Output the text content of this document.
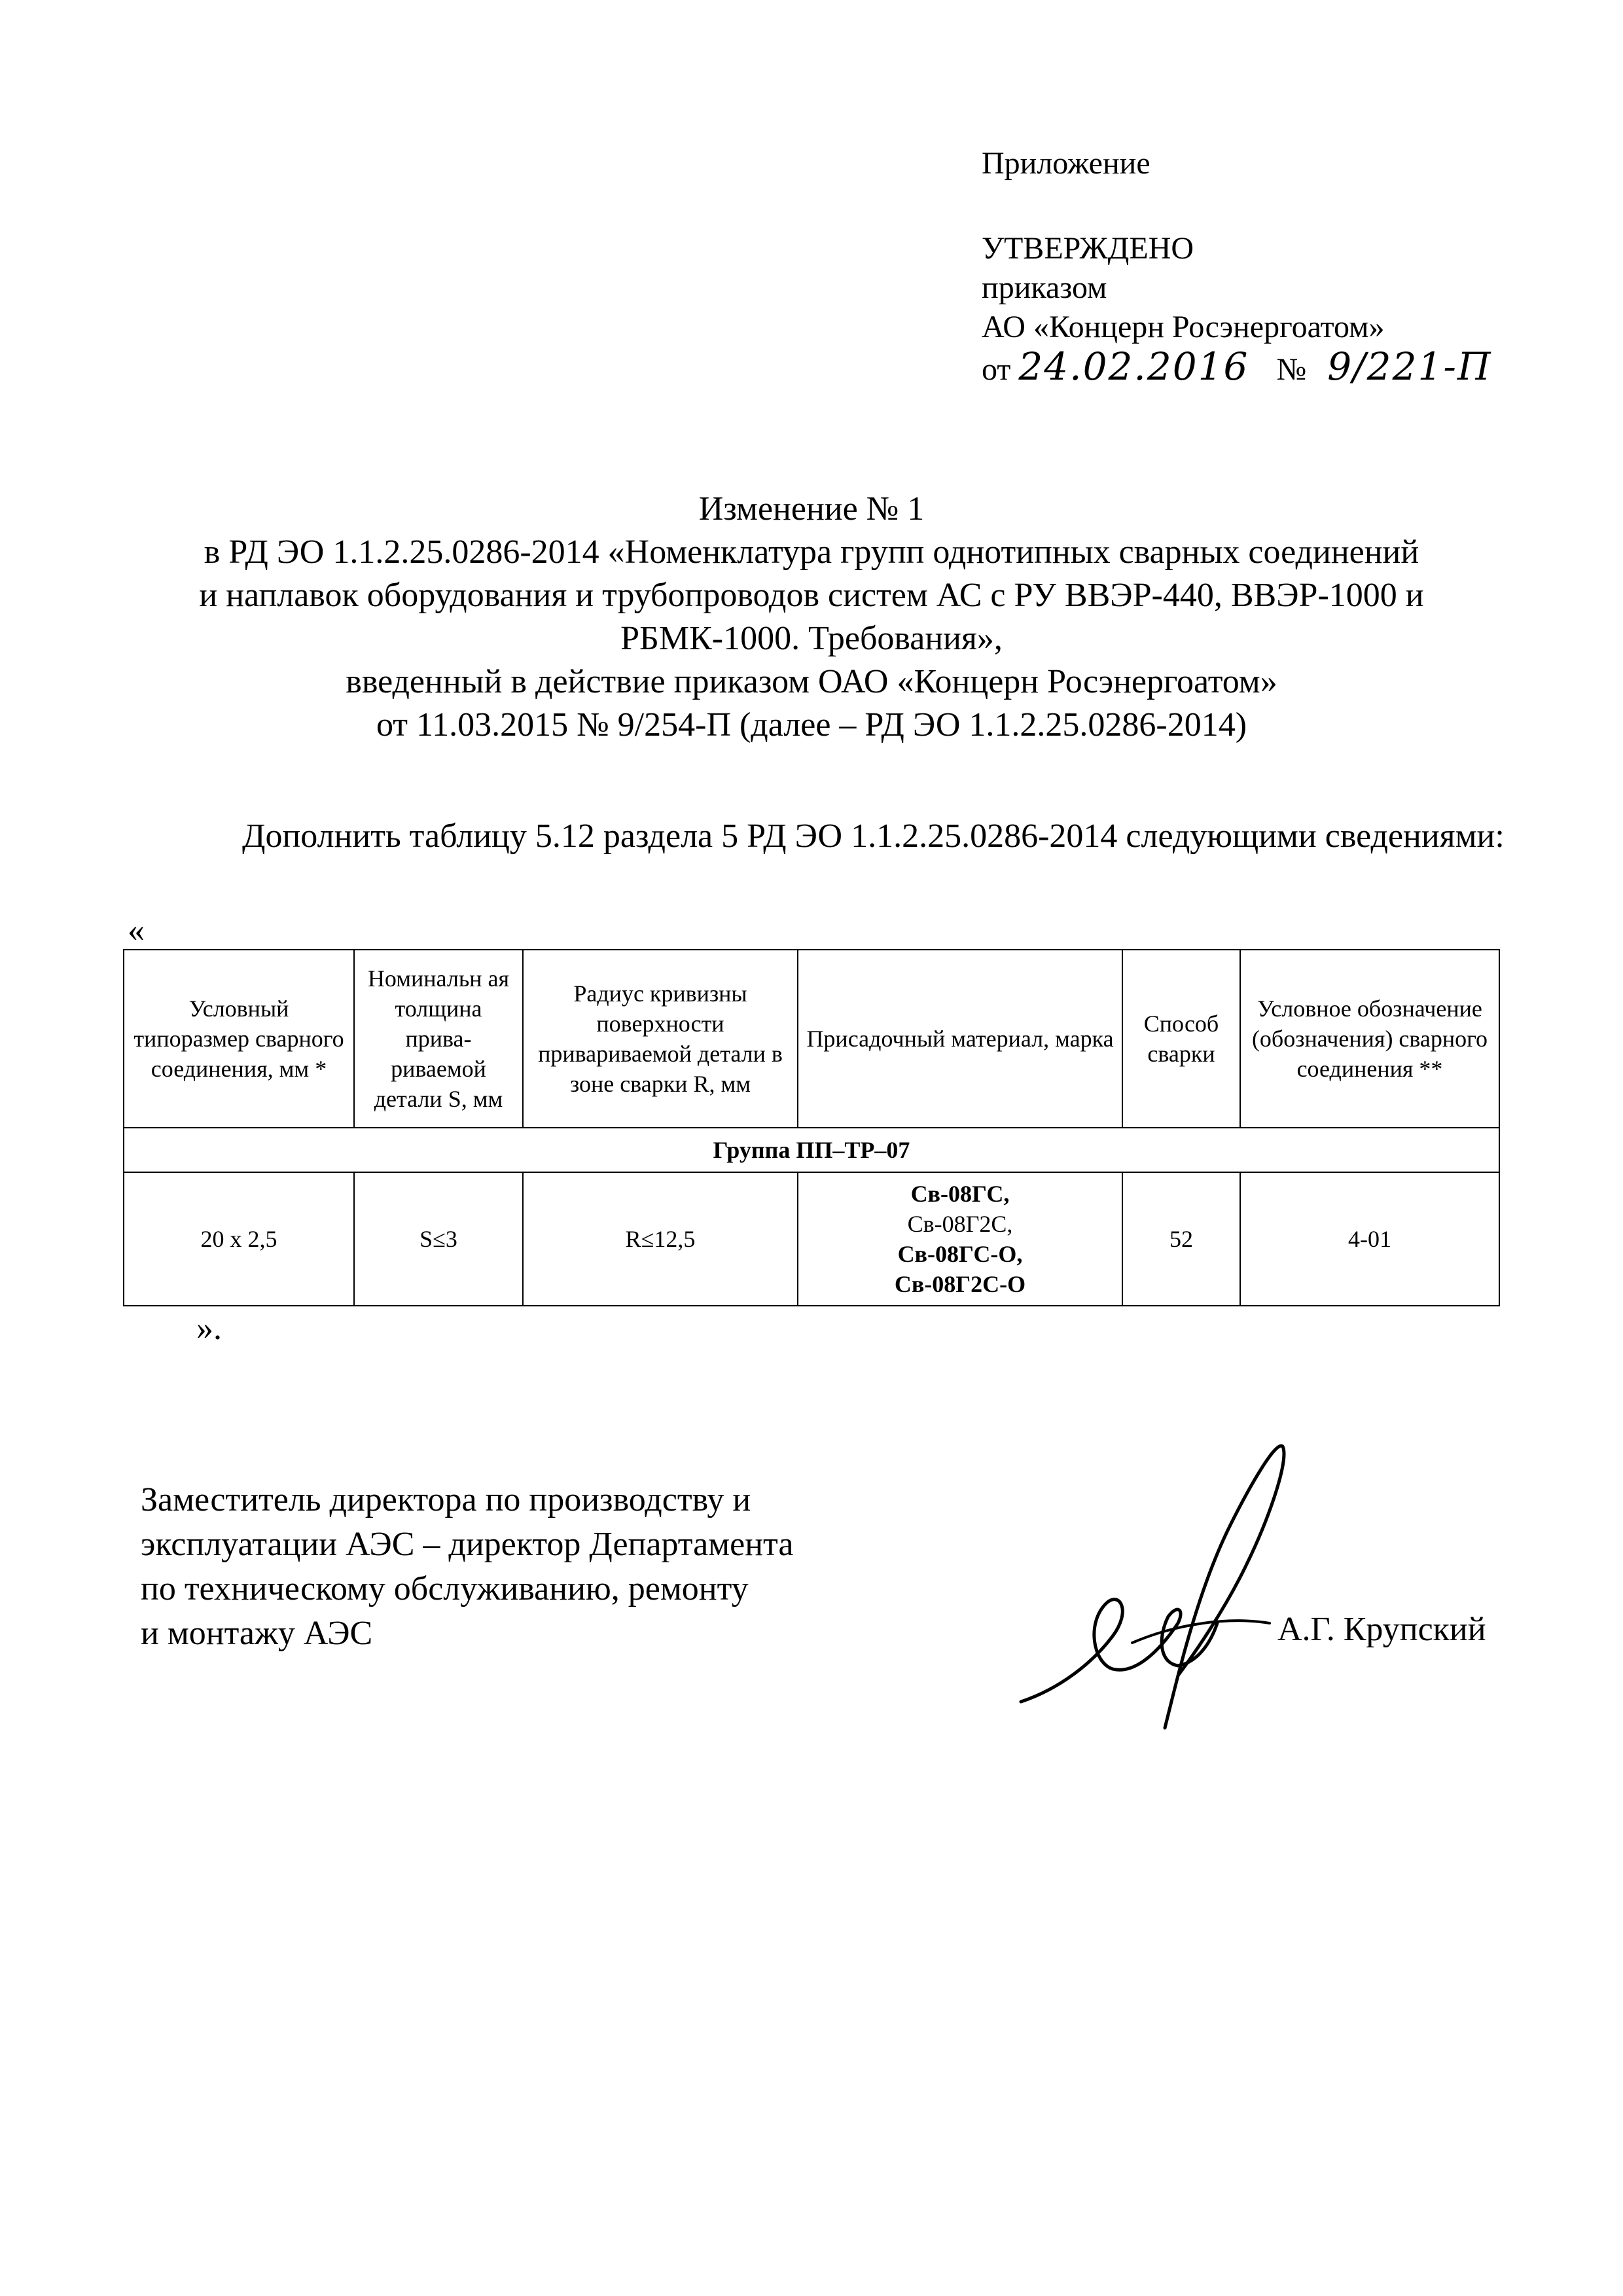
Приложение
УТВЕРЖДЕНО
приказом
АО «Концерн Росэнергоатом»
от 24.02.2016 № 9/221-П
Изменение № 1
в РД ЭО 1.1.2.25.0286-2014 «Номенклатура групп однотипных сварных соединений
и наплавок оборудования и трубопроводов систем АС с РУ ВВЭР-440, ВВЭР-1000 и
РБМК-1000. Требования»,
введенный в действие приказом ОАО «Концерн Росэнергоатом»
от 11.03.2015 № 9/254-П (далее – РД ЭО 1.1.2.25.0286-2014)
Дополнить таблицу 5.12 раздела 5 РД ЭО 1.1.2.25.0286-2014 следующими сведениями:
«
Условный типоразмер сварного соединения, мм *	Номинальн ая толщина прива-риваемой детали S, мм	Радиус кривизны поверхности привариваемой детали в зоне сварки R, мм	Присадочный материал, марка	Способ сварки	Условное обозначение (обозначения) сварного соединения **
Группа ПП–ТР–07					
20 х 2,5	S≤3	R≤12,5	Св-08ГС,
Св-08Г2С,
Св-08ГС-О,
Св-08Г2С-О	52	4-01
».
Заместитель директора по производству и
эксплуатации АЭС – директор Департамента
по техническому обслуживанию, ремонту
и монтажу АЭС	А.Г. Крупский
